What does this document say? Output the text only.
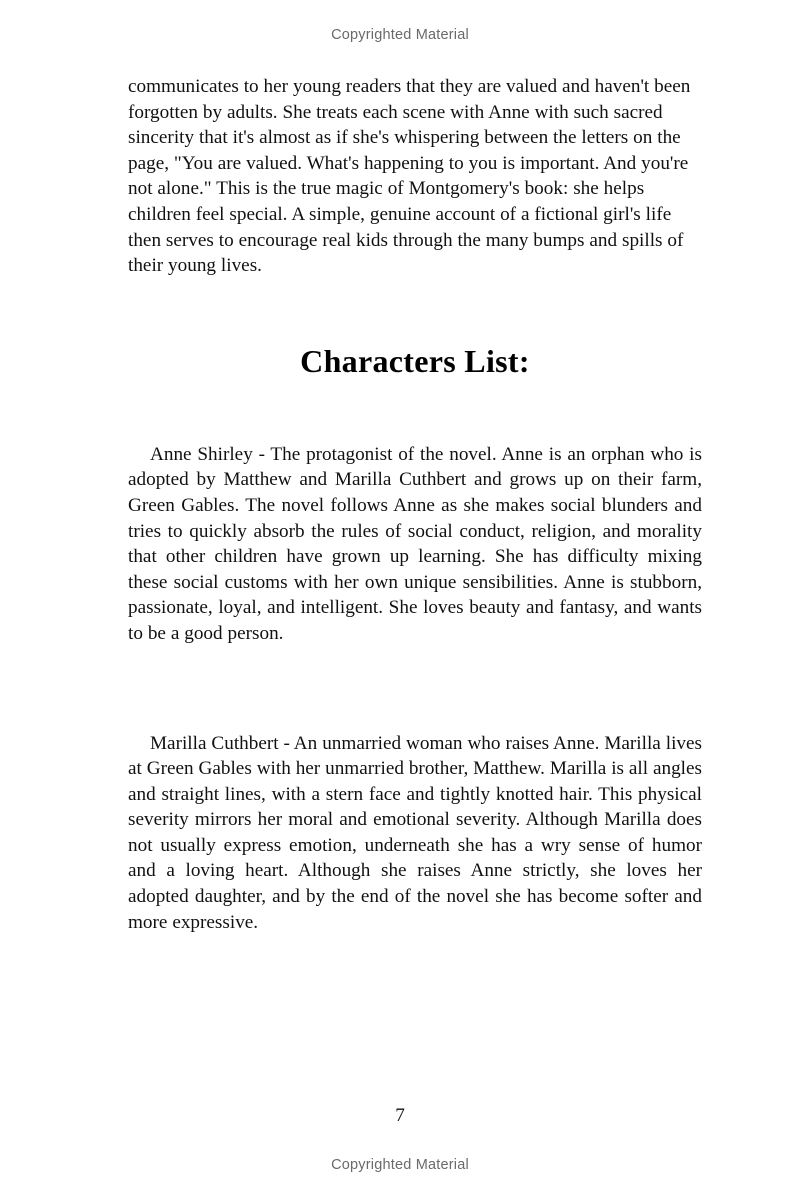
Copyrighted Material

communicates to her young readers that they are valued and haven't been forgotten by adults. She treats each scene with Anne with such sacred sincerity that it's almost as if she's whispering between the letters on the page, "You are valued. What's happening to you is important. And you're not alone." This is the true magic of Montgomery's book: she helps children feel special. A simple, genuine account of a fictional girl's life then serves to encourage real kids through the many bumps and spills of their young lives.

Characters List:

Anne Shirley - The protagonist of the novel. Anne is an orphan who is adopted by Matthew and Marilla Cuthbert and grows up on their farm, Green Gables. The novel follows Anne as she makes social blunders and tries to quickly absorb the rules of social conduct, religion, and morality that other children have grown up learning. She has difficulty mixing these social customs with her own unique sensibilities. Anne is stubborn, passionate, loyal, and intelligent. She loves beauty and fantasy, and wants to be a good person.

Marilla Cuthbert - An unmarried woman who raises Anne. Marilla lives at Green Gables with her unmarried brother, Matthew. Marilla is all angles and straight lines, with a stern face and tightly knotted hair. This physical severity mirrors her moral and emotional severity. Although Marilla does not usually express emotion, underneath she has a wry sense of humor and a loving heart. Although she raises Anne strictly, she loves her adopted daughter, and by the end of the novel she has become softer and more expressive.

7
Copyrighted Material
